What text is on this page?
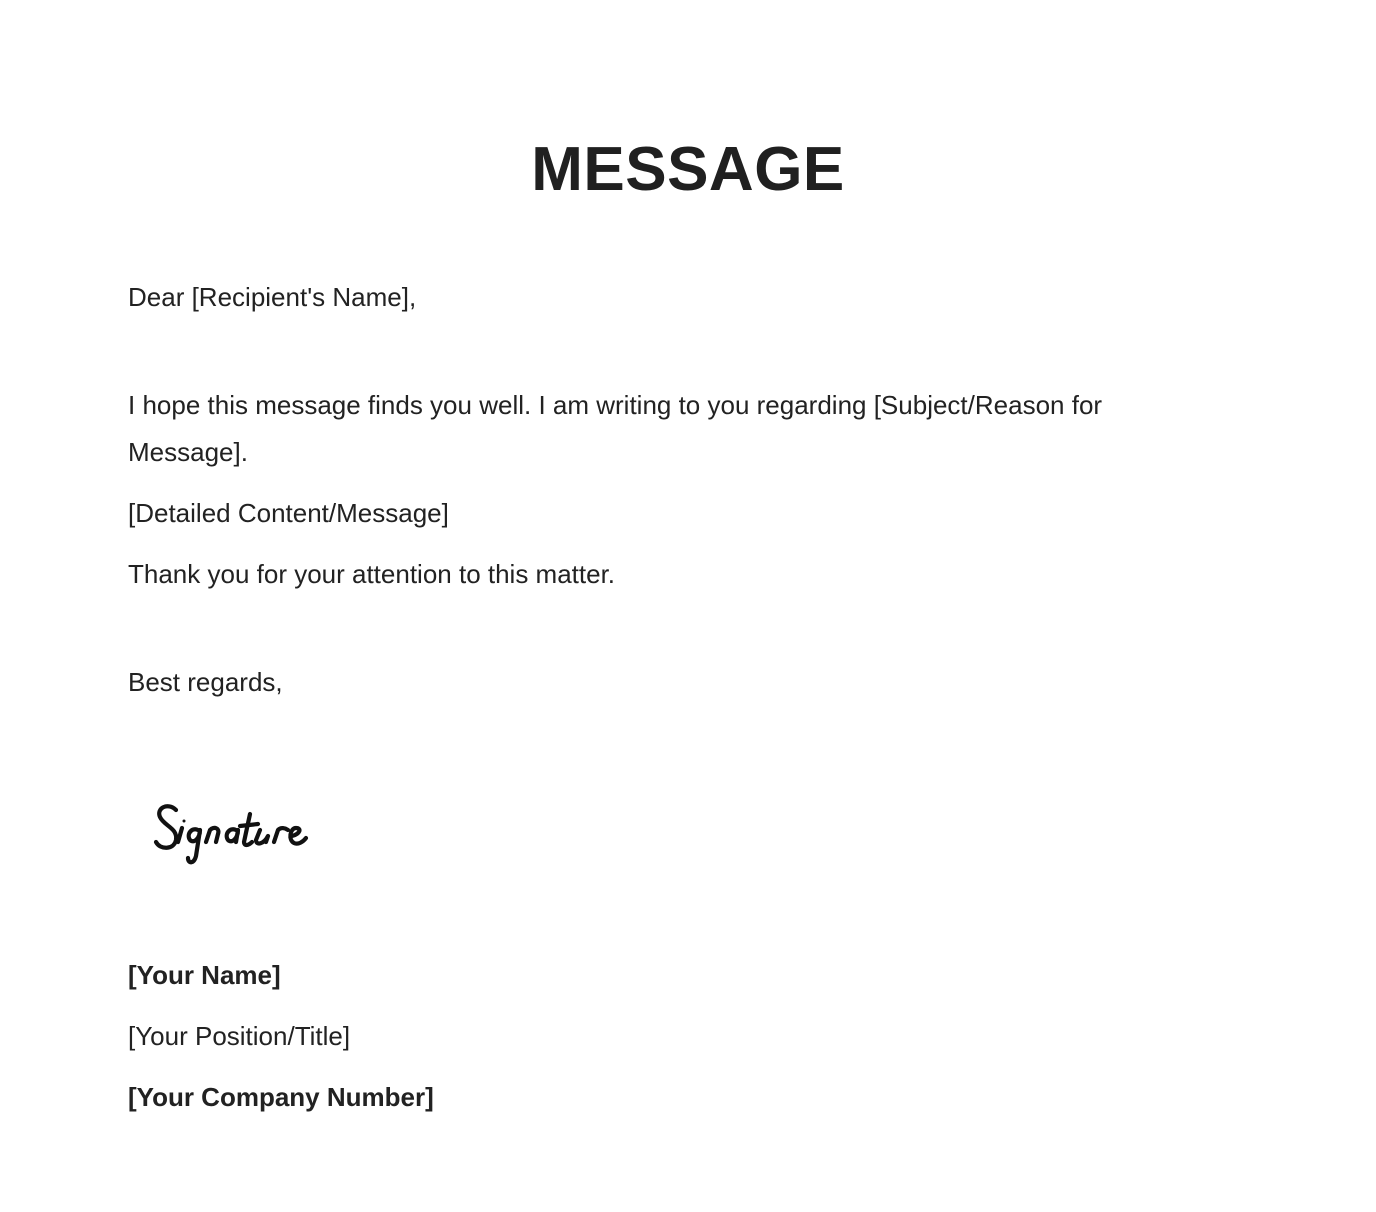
MESSAGE

Dear [Recipient's Name],

I hope this message finds you well. I am writing to you regarding [Subject/Reason for Message].

[Detailed Content/Message]

Thank you for your attention to this matter.

Best regards,

[Your Name]

[Your Position/Title]

[Your Company Number]
